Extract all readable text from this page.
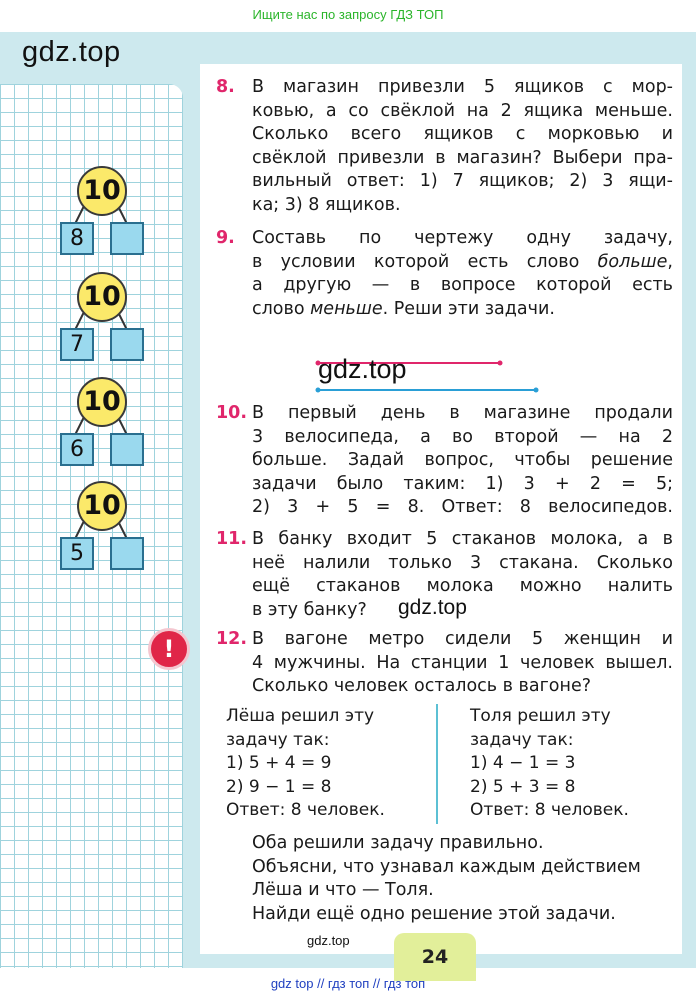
Ищите нас по запросу ГДЗ ТОП
gdz.top
10
8
10
7
10
6
10
5
!
8. В магазин привезли 5 ящиков с мор-
ковью, а со свёклой на 2 ящика меньше.
Сколько всего ящиков с морковью и
свёклой привезли в магазин? Выбери пра-
вильный ответ: 1) 7 ящиков; 2) 3 ящи-
ка; 3) 8 ящиков.
9. Составь по чертежу одну задачу,
в условии которой есть слово больше,
а другую — в вопросе которой есть
слово меньше. Реши эти задачи.
gdz.top
10. В первый день в магазине продали
3 велосипеда, а во второй — на 2
больше. Задай вопрос, чтобы решение
задачи было таким: 1) 3 + 2 = 5;
2) 3 + 5 = 8. Ответ: 8 велосипедов.
11. В банку входит 5 стаканов молока, а в
неё налили только 3 стакана. Сколько
ещё стаканов молока можно налить
в эту банку?	gdz.top
12. В вагоне метро сидели 5 женщин и
4 мужчины. На станции 1 человек вышел.
Сколько человек осталось в вагоне?
Лёша решил эту
задачу так:
1) 5 + 4 = 9
2) 9 − 1 = 8
Ответ: 8 человек.
Толя решил эту
задачу так:
1) 4 − 1 = 3
2) 5 + 3 = 8
Ответ: 8 человек.
Оба решили задачу правильно.
Объясни, что узнавал каждым действием
Лёша и что — Толя.
Найди ещё одно решение этой задачи.
gdz.top
24
gdz top // гдз топ // гдз топ
